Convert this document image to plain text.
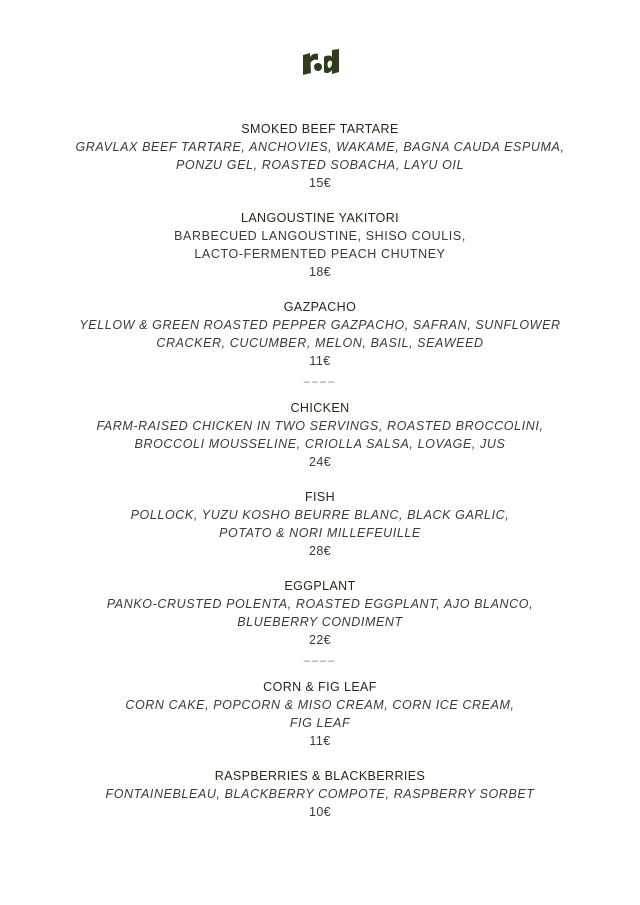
SMOKED BEEF TARTARE
GRAVLAX BEEF TARTARE, ANCHOVIES, WAKAME, BAGNA CAUDA ESPUMA,
PONZU GEL, ROASTED SOBACHA, LAYU OIL
15€
LANGOUSTINE YAKITORI
BARBECUED LANGOUSTINE, SHISO COULIS,
LACTO-FERMENTED PEACH CHUTNEY
18€
GAZPACHO
YELLOW & GREEN ROASTED PEPPER GAZPACHO, SAFRAN, SUNFLOWER
CRACKER, CUCUMBER, MELON, BASIL, SEAWEED
11€
––––
CHICKEN
FARM-RAISED CHICKEN IN TWO SERVINGS, ROASTED BROCCOLINI,
BROCCOLI MOUSSELINE, CRIOLLA SALSA, LOVAGE, JUS
24€
FISH
POLLOCK, YUZU KOSHO BEURRE BLANC, BLACK GARLIC,
POTATO & NORI MILLEFEUILLE
28€
EGGPLANT
PANKO-CRUSTED POLENTA, ROASTED EGGPLANT, AJO BLANCO,
BLUEBERRY CONDIMENT
22€
––––
CORN & FIG LEAF
CORN CAKE, POPCORN & MISO CREAM, CORN ICE CREAM,
FIG LEAF
11€
RASPBERRIES & BLACKBERRIES
FONTAINEBLEAU, BLACKBERRY COMPOTE, RASPBERRY SORBET
10€
